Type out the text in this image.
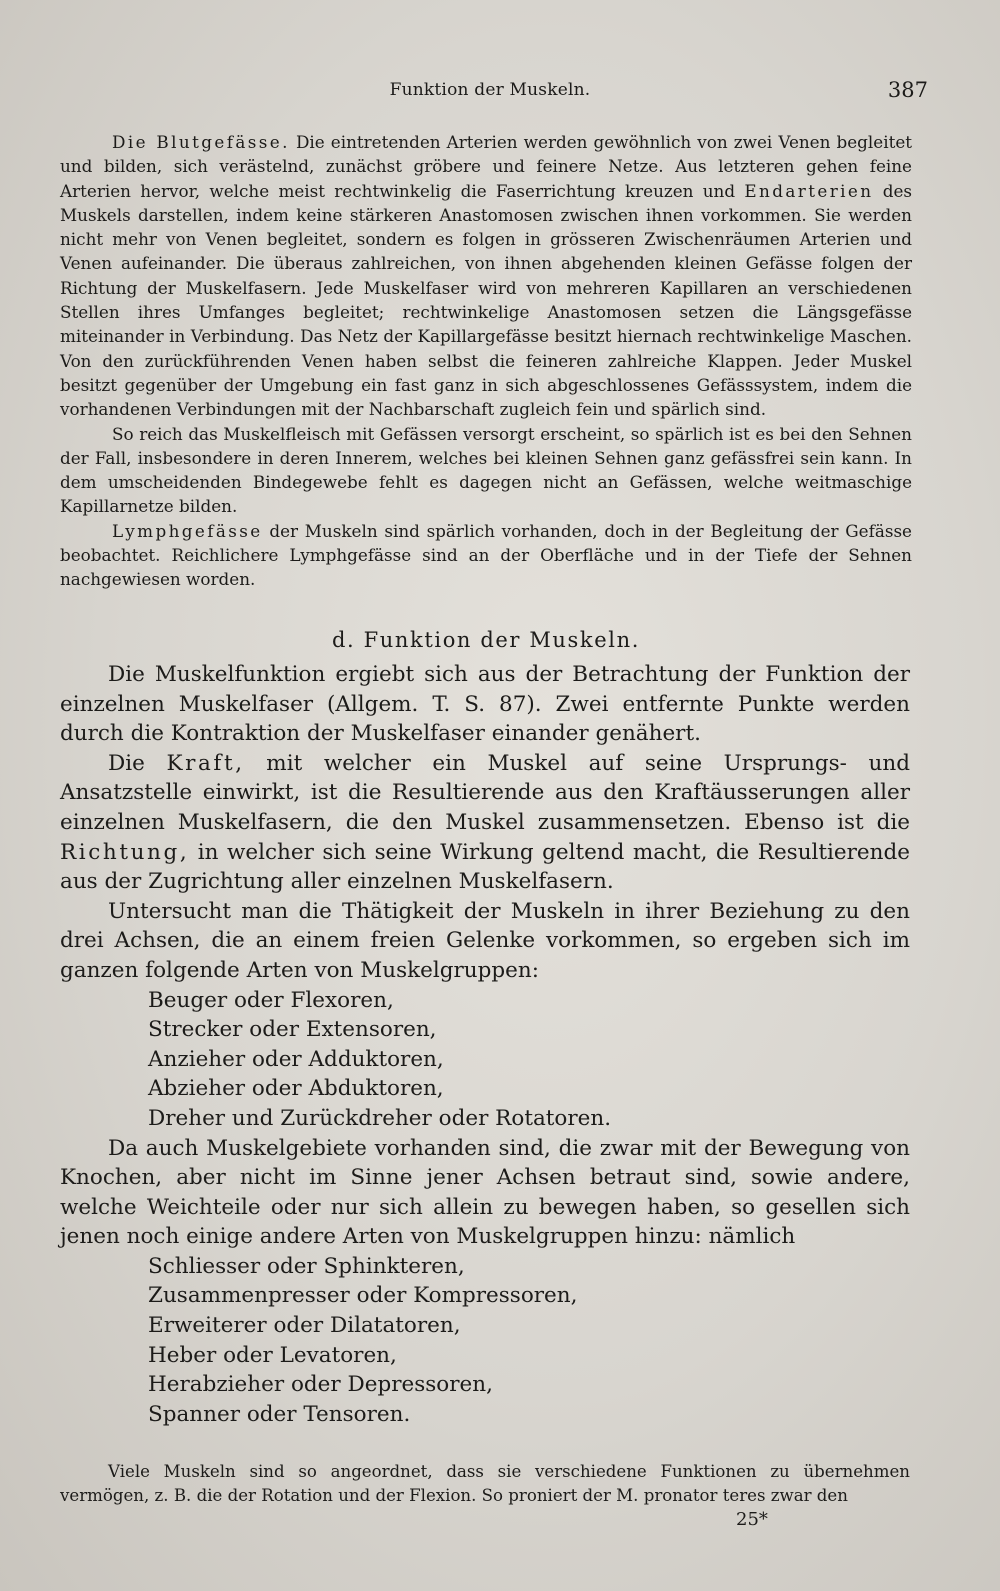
Funktion der Muskeln.	387

Die Blutgefässe. Die eintretenden Arterien werden gewöhnlich von zwei Venen begleitet und bilden, sich verästelnd, zunächst gröbere und feinere Netze. Aus letzteren gehen feine Arterien hervor, welche meist rechtwinkelig die Faserrichtung kreuzen und Endarterien des Muskels darstellen, indem keine stärkeren Anastomosen zwischen ihnen vorkommen. Sie werden nicht mehr von Venen begleitet, sondern es folgen in grösseren Zwischenräumen Arterien und Venen aufeinander. Die überaus zahlreichen, von ihnen abgehenden kleinen Gefässe folgen der Richtung der Muskelfasern. Jede Muskelfaser wird von mehreren Kapillaren an verschiedenen Stellen ihres Umfanges begleitet; rechtwinkelige Anastomosen setzen die Längsgefässe miteinander in Verbindung. Das Netz der Kapillargefässe besitzt hiernach rechtwinkelige Maschen. Von den zurückführenden Venen haben selbst die feineren zahlreiche Klappen. Jeder Muskel besitzt gegenüber der Umgebung ein fast ganz in sich abgeschlossenes Gefässsystem, indem die vorhandenen Verbindungen mit der Nachbarschaft zugleich fein und spärlich sind.

So reich das Muskelfleisch mit Gefässen versorgt erscheint, so spärlich ist es bei den Sehnen der Fall, insbesondere in deren Innerem, welches bei kleinen Sehnen ganz gefässfrei sein kann. In dem umscheidenden Bindegewebe fehlt es dagegen nicht an Gefässen, welche weitmaschige Kapillarnetze bilden.

Lymphgefässe der Muskeln sind spärlich vorhanden, doch in der Begleitung der Gefässe beobachtet. Reichlichere Lymphgefässe sind an der Oberfläche und in der Tiefe der Sehnen nachgewiesen worden.

d. Funktion der Muskeln.

Die Muskelfunktion ergiebt sich aus der Betrachtung der Funktion der einzelnen Muskelfaser (Allgem. T. S. 87). Zwei entfernte Punkte werden durch die Kontraktion der Muskelfaser einander genähert.

Die Kraft, mit welcher ein Muskel auf seine Ursprungs- und Ansatzstelle einwirkt, ist die Resultierende aus den Kraftäusserungen aller einzelnen Muskelfasern, die den Muskel zusammensetzen. Ebenso ist die Richtung, in welcher sich seine Wirkung geltend macht, die Resultierende aus der Zugrichtung aller einzelnen Muskelfasern.

Untersucht man die Thätigkeit der Muskeln in ihrer Beziehung zu den drei Achsen, die an einem freien Gelenke vorkommen, so ergeben sich im ganzen folgende Arten von Muskelgruppen:

Beuger oder Flexoren,
Strecker oder Extensoren,
Anzieher oder Adduktoren,
Abzieher oder Abduktoren,
Dreher und Zurückdreher oder Rotatoren.

Da auch Muskelgebiete vorhanden sind, die zwar mit der Bewegung von Knochen, aber nicht im Sinne jener Achsen betraut sind, sowie andere, welche Weichteile oder nur sich allein zu bewegen haben, so gesellen sich jenen noch einige andere Arten von Muskelgruppen hinzu: nämlich

Schliesser oder Sphinkteren,
Zusammenpresser oder Kompressoren,
Erweiterer oder Dilatatoren,
Heber oder Levatoren,
Herabzieher oder Depressoren,
Spanner oder Tensoren.

Viele Muskeln sind so angeordnet, dass sie verschiedene Funktionen zu übernehmen vermögen, z. B. die der Rotation und der Flexion. So proniert der M. pronator teres zwar den

25*
